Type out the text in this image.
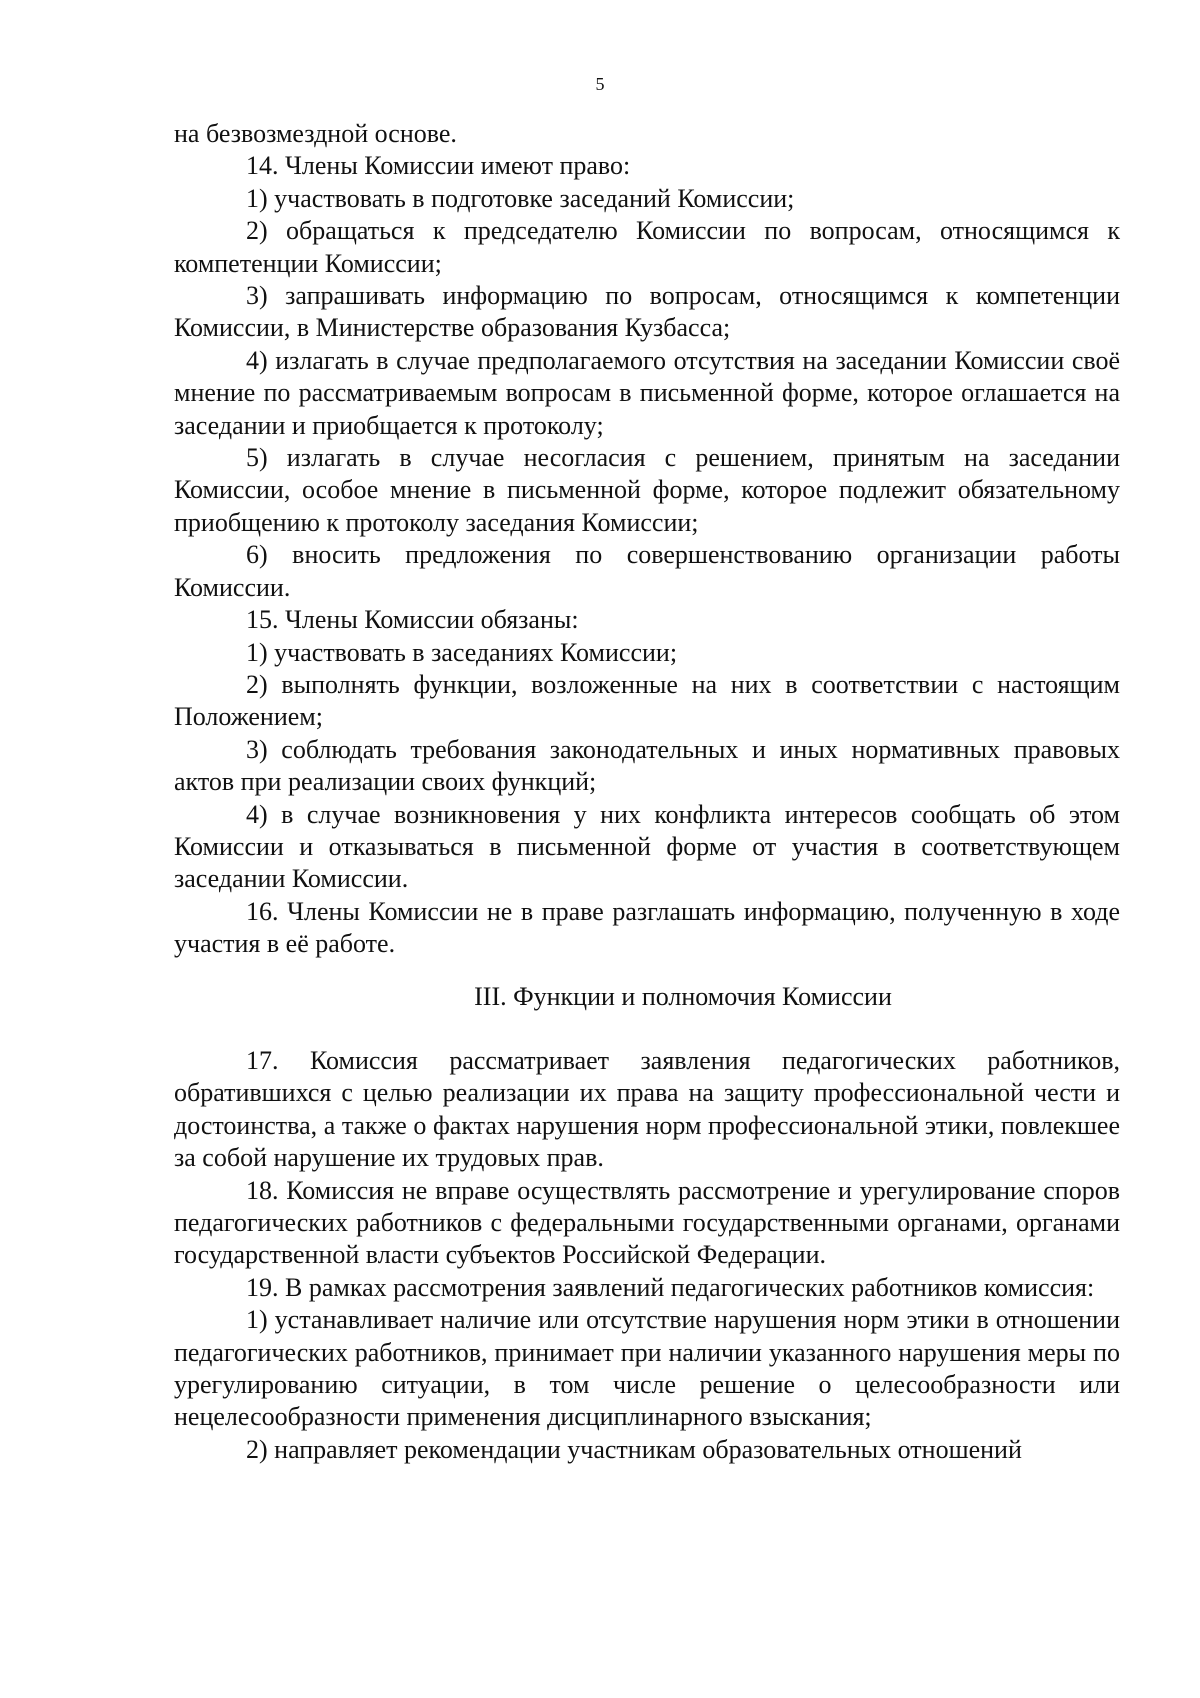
5

на безвозмездной основе.

14. Члены Комиссии имеют право:

1) участвовать в подготовке заседаний Комиссии;

2) обращаться к председателю Комиссии по вопросам, относящимся к компетенции Комиссии;

3) запрашивать информацию по вопросам, относящимся к компетенции Комиссии, в Министерстве образования Кузбасса;

4) излагать в случае предполагаемого отсутствия на заседании Комиссии своё мнение по рассматриваемым вопросам в письменной форме, которое оглашается на заседании и приобщается к протоколу;

5) излагать в случае несогласия с решением, принятым на заседании Комиссии, особое мнение в письменной форме, которое подлежит обязательному приобщению к протоколу заседания Комиссии;

6) вносить предложения по совершенствованию организации работы Комиссии.

15. Члены Комиссии обязаны:

1) участвовать в заседаниях Комиссии;

2) выполнять функции, возложенные на них в соответствии с настоящим Положением;

3) соблюдать требования законодательных и иных нормативных правовых актов при реализации своих функций;

4) в случае возникновения у них конфликта интересов сообщать об этом Комиссии и отказываться в письменной форме от участия в соответствующем заседании Комиссии.

16. Члены Комиссии не в праве разглашать информацию, полученную в ходе участия в её работе.

III. Функции и полномочия Комиссии

17. Комиссия рассматривает заявления педагогических работников, обратившихся с целью реализации их права на защиту профессиональной чести и достоинства, а также о фактах нарушения норм профессиональной этики, повлекшее за собой нарушение их трудовых прав.

18. Комиссия не вправе осуществлять рассмотрение и урегулирование споров педагогических работников с федеральными государственными органами, органами государственной власти субъектов Российской Федерации.

19. В рамках рассмотрения заявлений педагогических работников комиссия:

1) устанавливает наличие или отсутствие нарушения норм этики в отношении педагогических работников, принимает при наличии указанного нарушения меры по урегулированию ситуации, в том числе решение о целесообразности или нецелесообразности применения дисциплинарного взыскания;

2) направляет рекомендации участникам образовательных отношений
